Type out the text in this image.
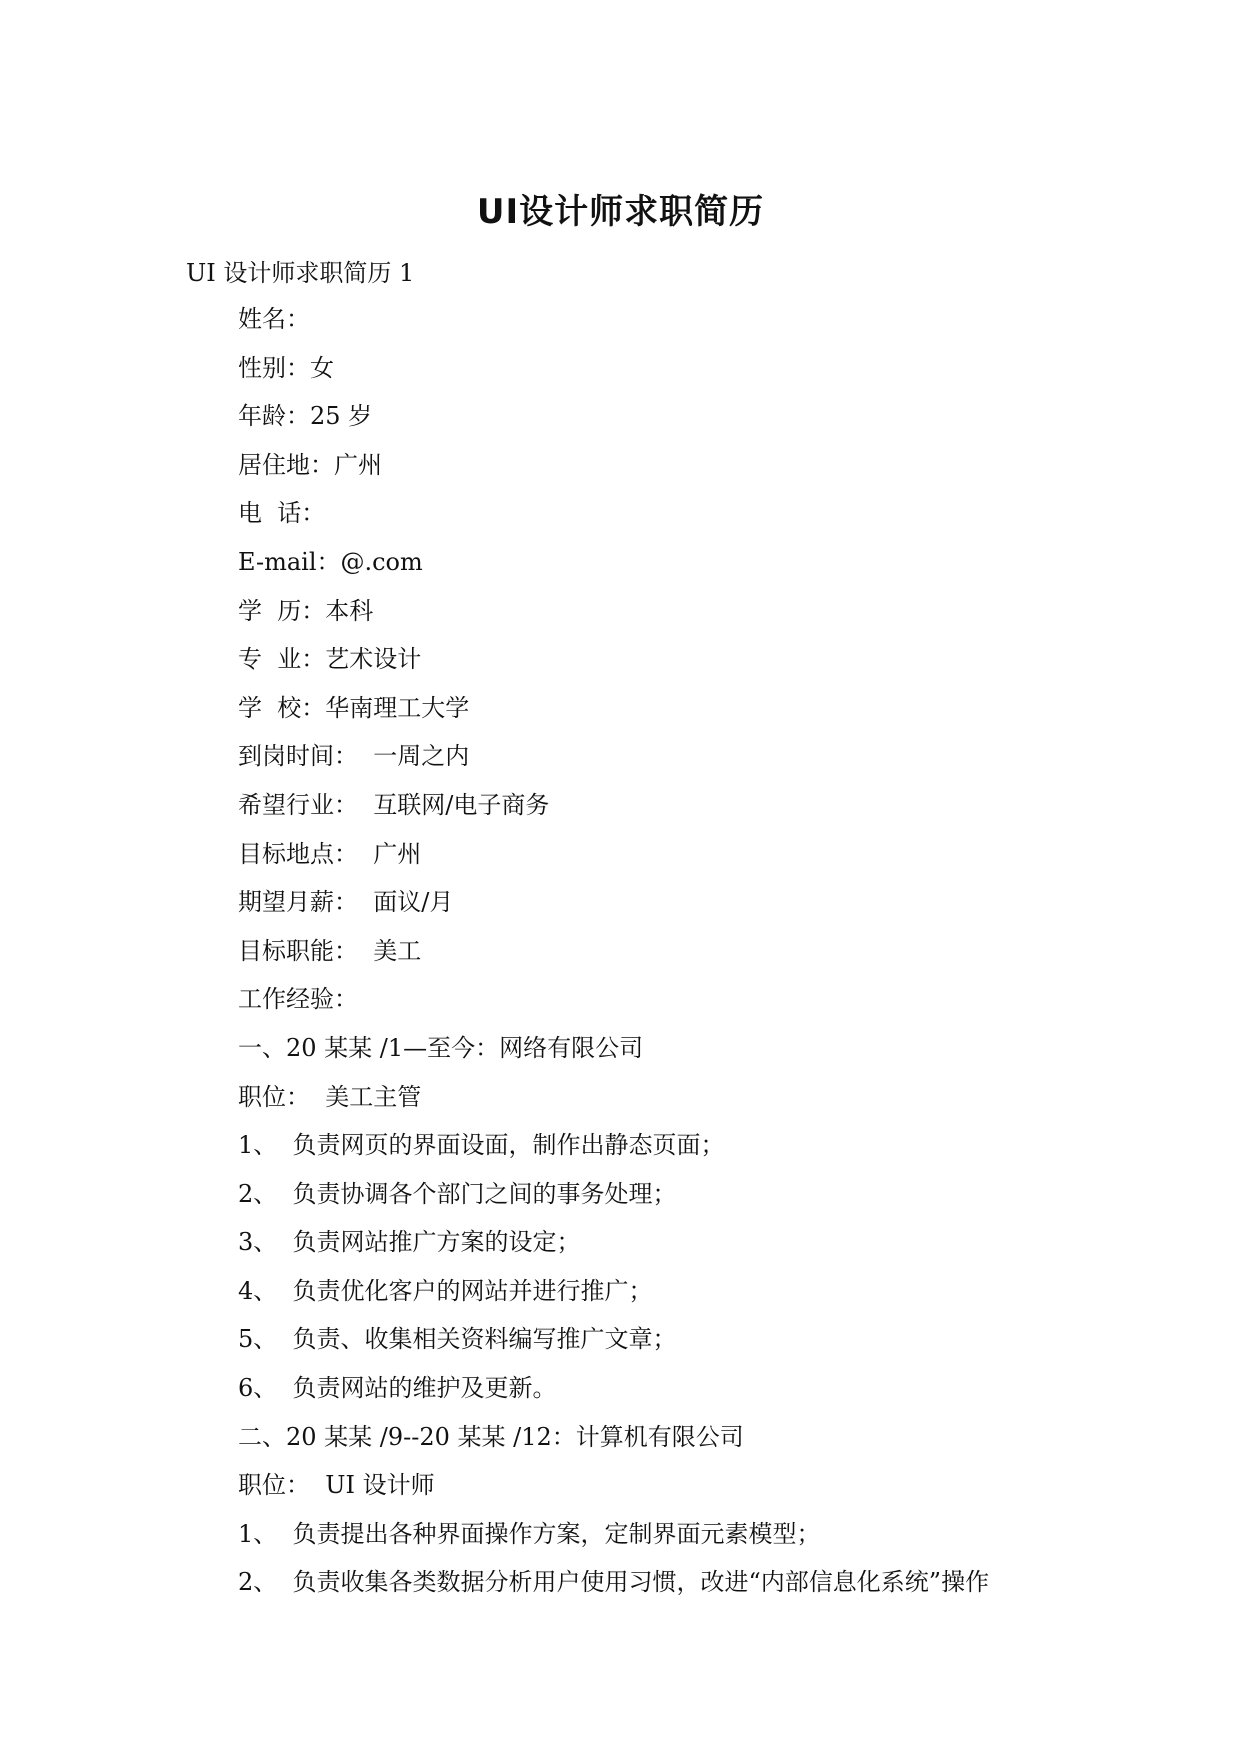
UI设计师求职简历
UI 设计师求职简历 1
姓名：
性别：女
年龄：25 岁
居住地：广州
电  话：
E-mail：@.com
学  历：本科
专  业：艺术设计
学  校：华南理工大学
到岗时间：  一周之内
希望行业：  互联网/电子商务
目标地点：  广州
期望月薪：  面议/月
目标职能：  美工
工作经验：
一、20 某某 /1—至今：网络有限公司
职位：  美工主管
1、  负责网页的界面设面，制作出静态页面；
2、  负责协调各个部门之间的事务处理；
3、  负责网站推广方案的设定；
4、  负责优化客户的网站并进行推广；
5、  负责、收集相关资料编写推广文章；
6、  负责网站的维护及更新。
二、20 某某 /9--20 某某 /12：计算机有限公司
职位：  UI 设计师
1、  负责提出各种界面操作方案，定制界面元素模型；
2、  负责收集各类数据分析用户使用习惯，改进“内部信息化系统”操作
